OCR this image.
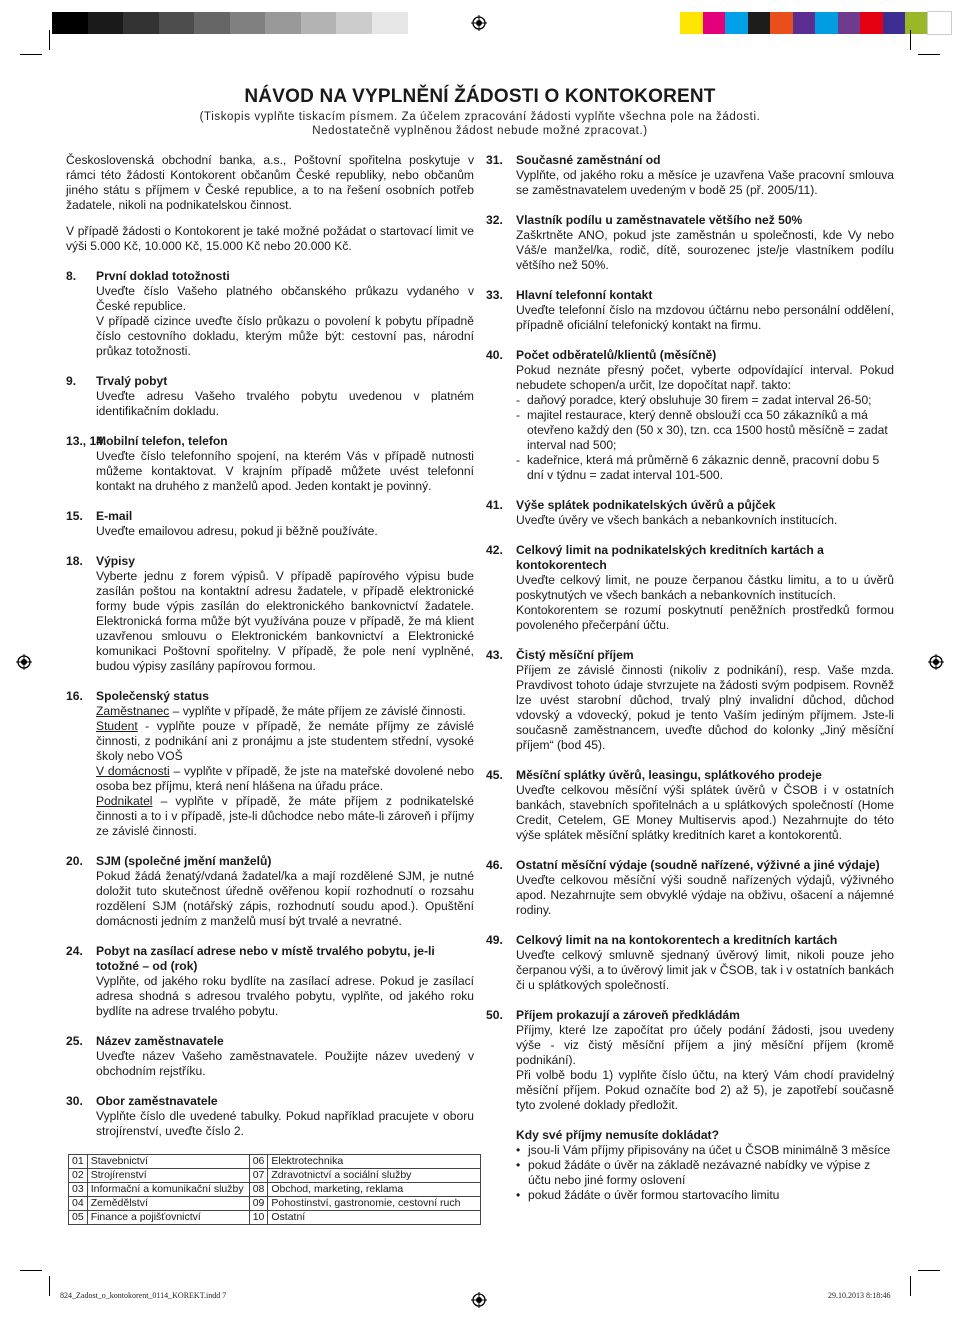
NÁVOD NA VYPLNĚNÍ ŽÁDOSTI O KONTOKORENT
(Tiskopis vyplňte tiskacím písmem. Za účelem zpracování žádosti vyplňte všechna pole na žádosti.
Nedostatečně vyplněnou žádost nebude možné zpracovat.)

Československá obchodní banka, a.s., Poštovní spořitelna poskytuje v rámci této žádosti Kontokorent občanům České republiky, nebo občanům jiného státu s příjmem v České republice, a to na řešení osobních potřeb žadatele, nikoli na podnikatelskou činnost.

V případě žádosti o Kontokorent je také možné požádat o startovací limit ve výši 5.000 Kč, 10.000 Kč, 15.000 Kč nebo 20.000 Kč.

8. První doklad totožnosti
Uveďte číslo Vašeho platného občanského průkazu vydaného v České republice.
V případě cizince uveďte číslo průkazu o povolení k pobytu případně číslo cestovního dokladu, kterým může být: cestovní pas, národní průkaz totožnosti.
9. Trvalý pobyt
Uveďte adresu Vašeho trvalého pobytu uvedenou v platném identifikačním dokladu.
13., 14.
Mobilní telefon, telefon
Uveďte číslo telefonního spojení, na kterém Vás v případě nutnosti můžeme kontaktovat. V krajním případě můžete uvést telefonní kontakt na druhého z manželů apod. Jeden kontakt je povinný.
15. E-mail
Uveďte emailovou adresu, pokud ji běžně používáte.
18. Výpisy
Vyberte jednu z forem výpisů. V případě papírového výpisu bude zasílán poštou na kontaktní adresu žadatele, v případě elektronické formy bude výpis zasílán do elektronického bankovnictví žadatele. Elektronická forma může být využívána pouze v případě, že má klient uzavřenou smlouvu o Elektronickém bankovnictví a Elektronické komunikaci Poštovní spořitelny. V případě, že pole není vyplněné, budou výpisy zasílány papírovou formou.
16. Společenský status
Zaměstnanec – vyplňte v případě, že máte příjem ze závislé činnosti.
Student - vyplňte pouze v případě, že nemáte příjmy ze závislé činnosti, z podnikání ani z pronájmu a jste studentem střední, vysoké školy nebo VOŠ
V domácnosti – vyplňte v případě, že jste na mateřské dovolené nebo osoba bez příjmu, která není hlášena na úřadu práce.
Podnikatel – vyplňte v případě, že máte příjem z podnikatelské činnosti a to i v případě, jste-li důchodce nebo máte-li zároveň i příjmy ze závislé činnosti.
20. SJM (společné jmění manželů)
Pokud žádá ženatý/vdaná žadatel/ka a mají rozdělené SJM, je nutné doložit tuto skutečnost úředně ověřenou kopií rozhodnutí o rozsahu rozdělení SJM (notářský zápis, rozhodnutí soudu apod.). Opuštění domácnosti jedním z manželů musí být trvalé a nevratné.
24. Pobyt na zasílací adrese nebo v místě trvalého pobytu, je-li totožné – od (rok)
Vyplňte, od jakého roku bydlíte na zasílací adrese. Pokud je zasílací adresa shodná s adresou trvalého pobytu, vyplňte, od jakého roku bydlíte na adrese trvalého pobytu.
25. Název zaměstnavatele
Uveďte název Vašeho zaměstnavatele. Použijte název uvedený v obchodním rejstříku.
30. Obor zaměstnavatele
Vyplňte číslo dle uvedené tabulky. Pokud například pracujete v oboru strojírenství, uveďte číslo 2.
01	Stavebnictví	06	Elektrotechnika
02	Strojírenství	07	Zdravotnictví a sociální služby
03	Informační a komunikační služby	08	Obchod, marketing, reklama
04	Zemědělství	09	Pohostinství, gastronomie, cestovní ruch
05	Finance a pojišťovnictví	10	Ostatní
31. Současné zaměstnání od
Vyplňte, od jakého roku a měsíce je uzavřena Vaše pracovní smlouva se zaměstnavatelem uvedeným v bodě 25 (př. 2005/11).
32. Vlastník podílu u zaměstnavatele většího než 50%
Zaškrtněte ANO, pokud jste zaměstnán u společnosti, kde Vy nebo Váš/e manžel/ka, rodič, dítě, sourozenec jste/je vlastníkem podílu většího než 50%.
33. Hlavní telefonní kontakt
Uveďte telefonní číslo na mzdovou účtárnu nebo personální oddělení, případně oficiální telefonický kontakt na firmu.
40. Počet odběratelů/klientů (měsíčně)
Pokud neznáte přesný počet, vyberte odpovídající interval. Pokud nebudete schopen/a určit, lze dopočítat např. takto:
- daňový poradce, který obsluhuje 30 firem = zadat interval 26-50;
- majitel restaurace, který denně obslouží cca 50 zákazníků a má otevřeno každý den (50 x 30), tzn. cca 1500 hostů měsíčně = zadat interval nad 500;
- kadeřnice, která má průměrně 6 zákaznic denně, pracovní dobu 5 dní v týdnu = zadat interval 101-500.
41. Výše splátek podnikatelských úvěrů a půjček
Uveďte úvěry ve všech bankách a nebankovních institucích.
42. Celkový limit na podnikatelských kreditních kartách a kontokorentech
Uveďte celkový limit, ne pouze čerpanou částku limitu, a to u úvěrů poskytnutých ve všech bankách a nebankovních institucích.
Kontokorentem se rozumí poskytnutí peněžních prostředků formou povoleného přečerpání účtu.
43. Čistý měsíční příjem
Příjem ze závislé činnosti (nikoliv z podnikání), resp. Vaše mzda. Pravdivost tohoto údaje stvrzujete na žádosti svým podpisem. Rovněž lze uvést starobní důchod, trvalý plný invalidní důchod, důchod vdovský a vdovecký, pokud je tento Vaším jediným příjmem. Jste-li současně zaměstnancem, uveďte důchod do kolonky „Jiný měsíční příjem“ (bod 45).
45. Měsíční splátky úvěrů, leasingu, splátkového prodeje
Uveďte celkovou měsíční výši splátek úvěrů v ČSOB i v ostatních bankách, stavebních spořitelnách a u splátkových společností (Home Credit, Cetelem, GE Money Multiservis apod.) Nezahrnujte do této výše splátek měsíční splátky kreditních karet a kontokorentů.
46. Ostatní měsíční výdaje (soudně nařízené, výživné a jiné výdaje)
Uveďte celkovou měsíční výši soudně nařízených výdajů, výživného apod. Nezahrnujte sem obvyklé výdaje na obživu, ošacení a nájemné rodiny.
49. Celkový limit na na kontokorentech a kreditních kartách
Uveďte celkový smluvně sjednaný úvěrový limit, nikoli pouze jeho čerpanou výši, a to úvěrový limit jak v ČSOB, tak i v ostatních bankách či u splátkových společností.
50. Příjem prokazují a zároveň předkládám
Příjmy, které lze započítat pro účely podání žádosti, jsou uvedeny výše - viz čistý měsíční příjem a jiný měsíční příjem (kromě podnikání).
Při volbě bodu 1) vyplňte číslo účtu, na který Vám chodí pravidelný měsíční příjem. Pokud označíte bod 2) až 5), je zapotřebí současně tyto zvolené doklady předložit.
Kdy své příjmy nemusíte dokládat?
• jsou-li Vám příjmy připisovány na účet u ČSOB minimálně 3 měsíce
• pokud žádáte o úvěr na základě nezávazné nabídky ve výpise z účtu nebo jiné formy oslovení
• pokud žádáte o úvěr formou startovacího limitu
824_Zadost_o_kontokorent_0114_KOREKT.indd 7	29.10.2013 8:18:46
